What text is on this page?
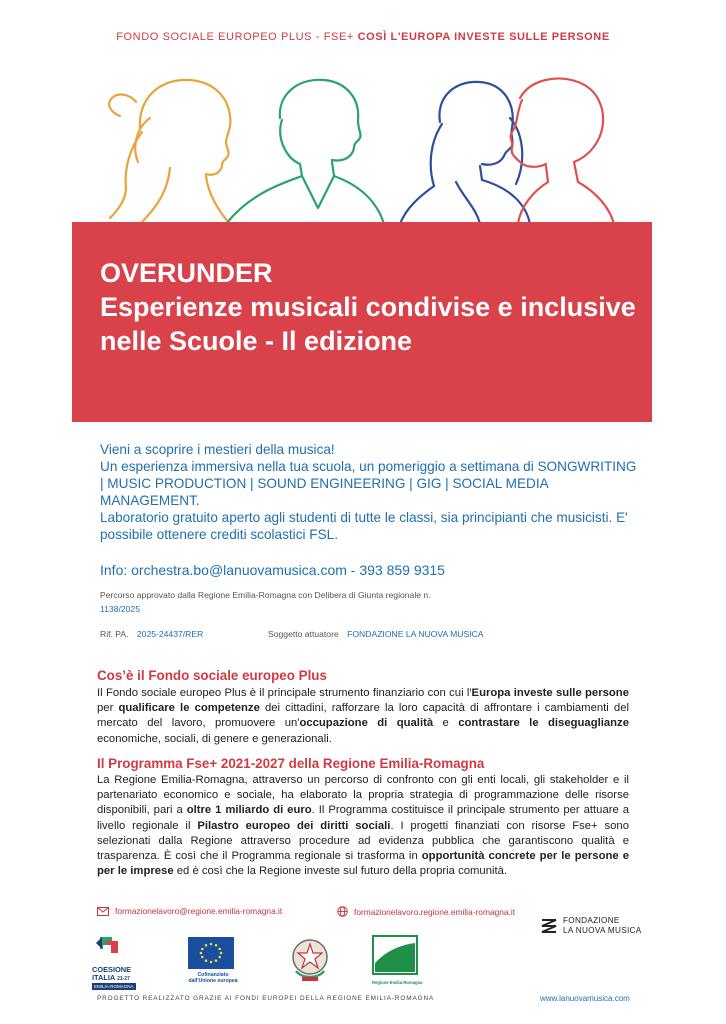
FONDO SOCIALE EUROPEO PLUS - FSE+ COSÌ L'EUROPA INVESTE SULLE PERSONE
OVERUNDER
Esperienze musicali condivise e inclusive nelle Scuole - Il edizione
Vieni a scoprire i mestieri della musica!
Un esperienza immersiva nella tua scuola, un pomeriggio a settimana di SONGWRITING | MUSIC PRODUCTION | SOUND ENGINEERING | GIG | SOCIAL MEDIA MANAGEMENT.
Laboratorio gratuito aperto agli studenti di tutte le classi, sia principianti che musicisti. E' possibile ottenere crediti scolastici FSL.
Info: orchestra.bo@lanuovamusica.com - 393 859 9315
Percorso approvato dalla Regione Emilia-Romagna con Delibera di Giunta regionale n.
1138/2025
Rif. PA. 2025-24437/RER	Soggetto attuatore FONDAZIONE LA NUOVA MUSICA
Cos’è il Fondo sociale europeo Plus
Il Fondo sociale europeo Plus è il principale strumento finanziario con cui l'Europa investe sulle persone per qualificare le competenze dei cittadini, rafforzare la loro capacità di affrontare i cambiamenti del mercato del lavoro, promuovere un'occupazione di qualità e contrastare le diseguaglianze economiche, sociali, di genere e generazionali.
Il Programma Fse+ 2021-2027 della Regione Emilia-Romagna
La Regione Emilia-Romagna, attraverso un percorso di confronto con gli enti locali, gli stakeholder e il partenariato economico e sociale, ha elaborato la propria strategia di programmazione delle risorse disponibili, pari a oltre 1 miliardo di euro. Il Programma costituisce il principale strumento per attuare a livello regionale il Pilastro europeo dei diritti sociali. I progetti finanziati con risorse Fse+ sono selezionati dalla Regione attraverso procedure ad evidenza pubblica che garantiscono qualità e trasparenza. È così che il Programma regionale si trasforma in opportunità concrete per le persone e per le imprese ed è così che la Regione investe sul futuro della propria comunità.
formazionelavoro@regione.emilia-romagna.it	formazionelavoro.regione.emilia-romagna.it
FONDAZIONE
LA NUOVA MUSICA
COESIONE
ITALIA 21-27
EMILIA-ROMAGNA
Cofinanziato
dall'Unione europea	Regione Emilia-Romagna
PROGETTO REALIZZATO GRAZIE AI FONDI EUROPEI DELLA REGIONE EMILIA-ROMAGNA	www.lanuovamusica.com
